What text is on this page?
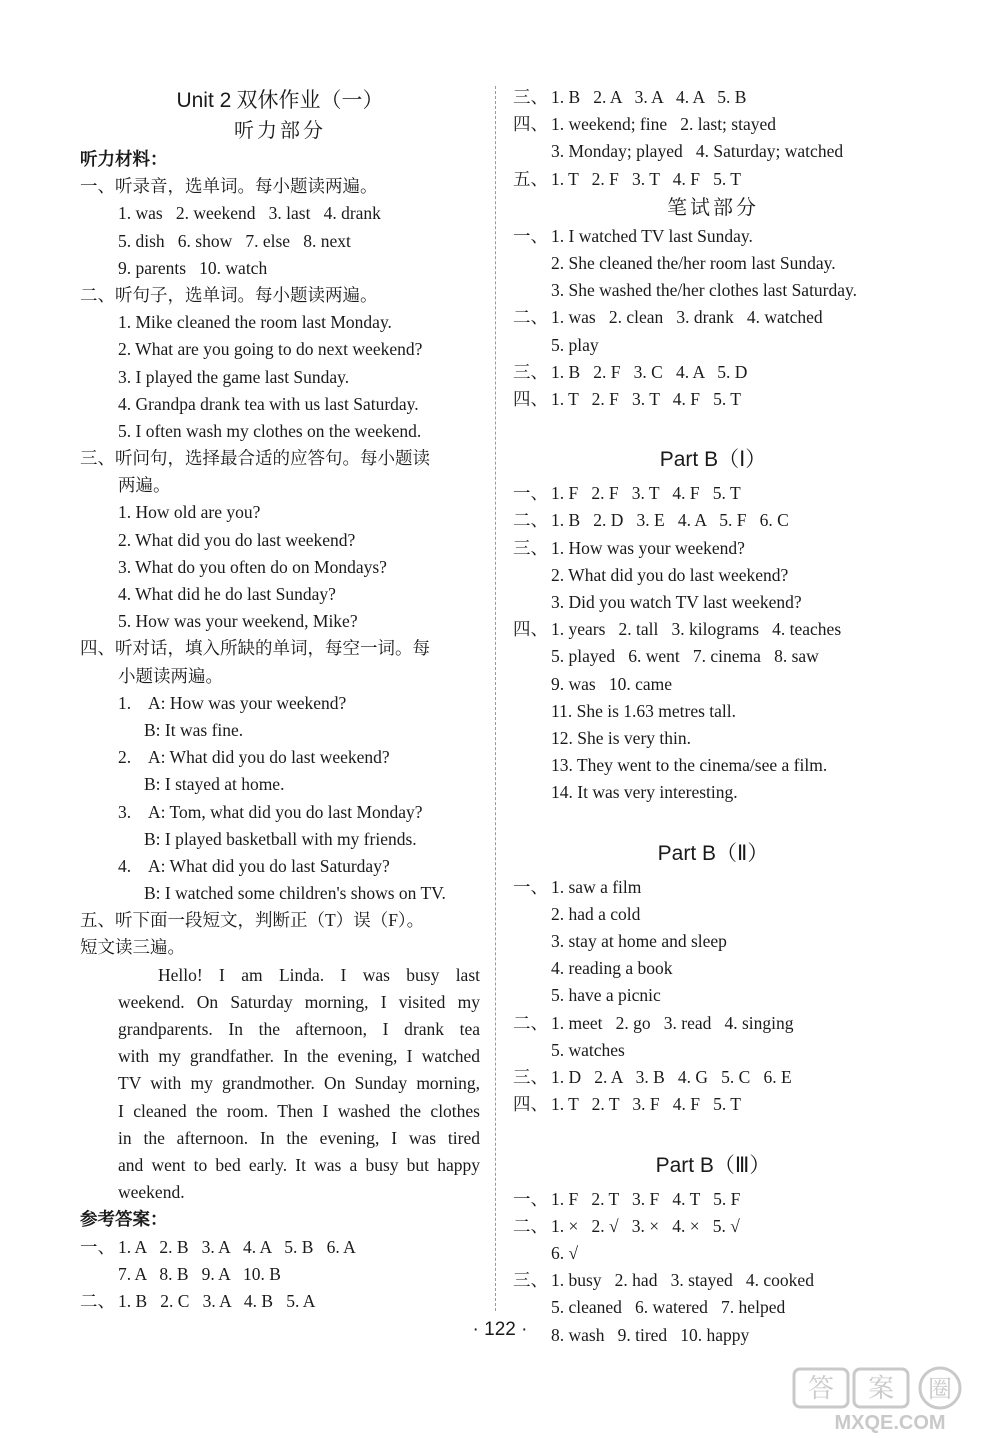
Unit 2 双休作业（一）
听力部分
听力材料：
一、听录音，选单词。每小题读两遍。
1. was   2. weekend   3. last   4. drank
5. dish   6. show   7. else   8. next
9. parents   10. watch
二、听句子，选单词。每小题读两遍。
1. Mike cleaned the room last Monday.
2. What are you going to do next weekend?
3. I played the game last Sunday.
4. Grandpa drank tea with us last Saturday.
5. I often wash my clothes on the weekend.
三、听问句，选择最合适的应答句。每小题读
两遍。
1. How old are you?
2. What did you do last weekend?
3. What do you often do on Mondays?
4. What did he do last Sunday?
5. How was your weekend, Mike?
四、听对话，填入所缺的单词，每空一词。每
小题读两遍。
1. A: How was your weekend?
B: It was fine.
2. A: What did you do last weekend?
B: I stayed at home.
3. A: Tom, what did you do last Monday?
B: I played basketball with my friends.
4. A: What did you do last Saturday?
B: I watched some children's shows on TV.
五、听下面一段短文，判断正（T）误（F）。
短文读三遍。
Hello! I am Linda. I was busy last
weekend. On Saturday morning, I visited my
grandparents. In the afternoon, I drank tea
with my grandfather. In the evening, I watched
TV with my grandmother. On Sunday morning,
I cleaned the room. Then I washed the clothes
in the afternoon. In the evening, I was tired
and went to bed early. It was a busy but happy
weekend.
参考答案：
一、 1. A   2. B   3. A   4. A   5. B   6. A
7. A   8. B   9. A   10. B
二、 1. B   2. C   3. A   4. B   5. A
三、 1. B   2. A   3. A   4. A   5. B
四、 1. weekend; fine   2. last; stayed
3. Monday; played   4. Saturday; watched
五、 1. T   2. F   3. T   4. F   5. T
笔试部分
一、 1. I watched TV last Sunday.
2. She cleaned the/her room last Sunday.
3. She washed the/her clothes last Saturday.
二、 1. was   2. clean   3. drank   4. watched
5. play
三、 1. B   2. F   3. C   4. A   5. D
四、 1. T   2. F   3. T   4. F   5. T
Part B（Ⅰ）
一、 1. F   2. F   3. T   4. F   5. T
二、 1. B   2. D   3. E   4. A   5. F   6. C
三、 1. How was your weekend?
2. What did you do last weekend?
3. Did you watch TV last weekend?
四、 1. years   2. tall   3. kilograms   4. teaches
5. played   6. went   7. cinema   8. saw
9. was   10. came
11. She is 1.63 metres tall.
12. She is very thin.
13. They went to the cinema/see a film.
14. It was very interesting.
Part B（Ⅱ）
一、 1. saw a film
2. had a cold
3. stay at home and sleep
4. reading a book
5. have a picnic
二、 1. meet   2. go   3. read   4. singing
5. watches
三、 1. D   2. A   3. B   4. G   5. C   6. E
四、 1. T   2. T   3. F   4. F   5. T
Part B（Ⅲ）
一、 1. F   2. T   3. F   4. T   5. F
二、 1. ×   2. √   3. ×   4. ×   5. √
6. √
三、 1. busy   2. had   3. stayed   4. cooked
5. cleaned   6. watered   7. helped
8. wash   9. tired   10. happy
· 122 ·
答 案 圈
MXQE.COM
